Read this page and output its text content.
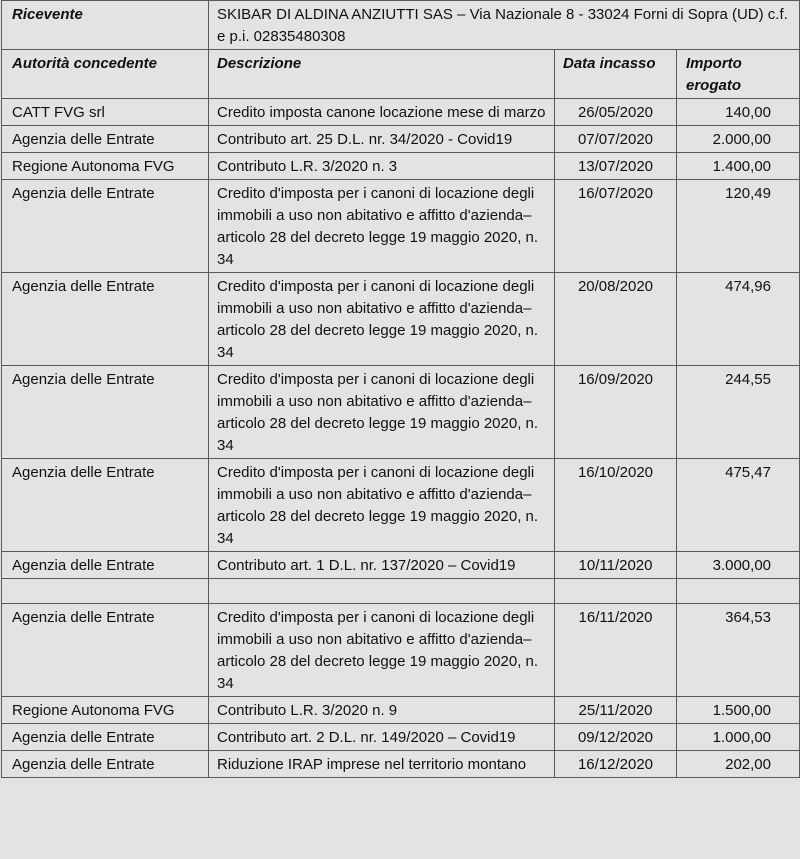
Ricevente	SKIBAR DI ALDINA ANZIUTTI SAS – Via Nazionale 8 - 33024 Forni di Sopra (UD) c.f. e p.i. 02835480308		
Autorità concedente	Descrizione	Data incasso	Importo erogato
CATT FVG srl	Credito imposta canone locazione mese di marzo	26/05/2020	140,00
Agenzia delle Entrate	Contributo art. 25 D.L. nr. 34/2020 - Covid19	07/07/2020	2.000,00
Regione Autonoma FVG	Contributo L.R. 3/2020 n. 3	13/07/2020	1.400,00
Agenzia delle Entrate	Credito d'imposta per i canoni di locazione degli immobili a uso non abitativo e affitto d'azienda–articolo 28 del decreto legge 19 maggio 2020, n. 34	16/07/2020	120,49
Agenzia delle Entrate	Credito d'imposta per i canoni di locazione degli immobili a uso non abitativo e affitto d'azienda–articolo 28 del decreto legge 19 maggio 2020, n. 34	20/08/2020	474,96
Agenzia delle Entrate	Credito d'imposta per i canoni di locazione degli immobili a uso non abitativo e affitto d'azienda–articolo 28 del decreto legge 19 maggio 2020, n. 34	16/09/2020	244,55
Agenzia delle Entrate	Credito d'imposta per i canoni di locazione degli immobili a uso non abitativo e affitto d'azienda–articolo 28 del decreto legge 19 maggio 2020, n. 34	16/10/2020	475,47
Agenzia delle Entrate	Contributo art. 1 D.L. nr. 137/2020 – Covid19	10/11/2020	3.000,00

Agenzia delle Entrate	Credito d'imposta per i canoni di locazione degli immobili a uso non abitativo e affitto d'azienda–articolo 28 del decreto legge 19 maggio 2020, n. 34	16/11/2020	364,53
Regione Autonoma FVG	Contributo L.R. 3/2020 n. 9	25/11/2020	1.500,00
Agenzia delle Entrate	Contributo art. 2 D.L. nr. 149/2020 – Covid19	09/12/2020	1.000,00
Agenzia delle Entrate	Riduzione IRAP imprese nel territorio montano	16/12/2020	202,00
